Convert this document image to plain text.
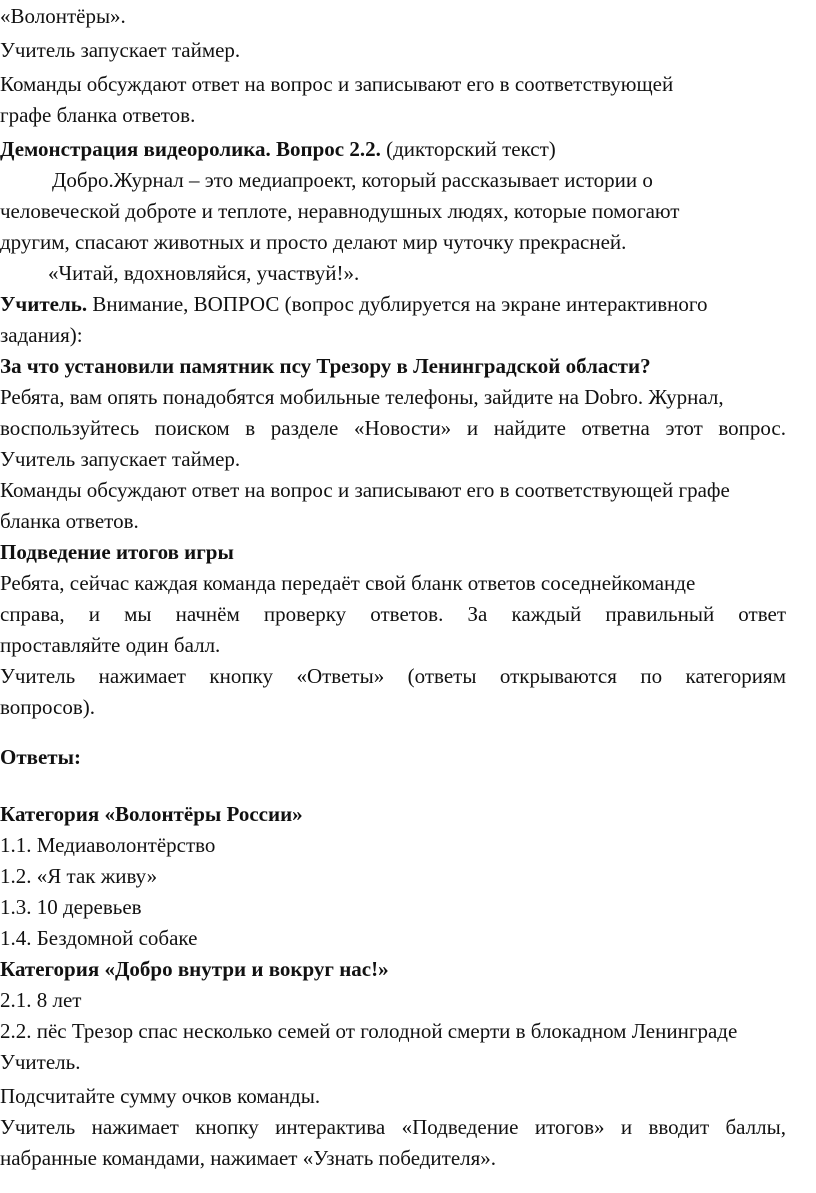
«Волонтёры».
Учитель запускает таймер.
Команды обсуждают ответ на вопрос и записывают его в соответствующей
графе бланка ответов.
Демонстрация видеоролика. Вопрос 2.2. (дикторский текст)
Добро.Журнал – это медиапроект, который рассказывает истории о
человеческой доброте и теплоте, неравнодушных людях, которые помогают
другим, спасают животных и просто делают мир чуточку прекрасней.
«Читай, вдохновляйся, участвуй!».
Учитель. Внимание, ВОПРОС (вопрос дублируется на экране интерактивного
задания):
За что установили памятник псу Трезору в Ленинградской области?
Ребята, вам опять понадобятся мобильные телефоны, зайдите на Dobro. Журнал,
воспользуйтесь поиском в разделе «Новости» и найдите ответна этот вопрос.
Учитель запускает таймер.
Команды обсуждают ответ на вопрос и записывают его в соответствующей графе
бланка ответов.
Подведение итогов игры
Ребята, сейчас каждая команда передаёт свой бланк ответов соседнейкоманде
справа, и мы начнём проверку ответов. За каждый правильный ответ
проставляйте один балл.
Учитель нажимает кнопку «Ответы» (ответы открываются по категориям
вопросов).
Ответы:
Категория «Волонтёры России»
1.1. Медиаволонтёрство
1.2. «Я так живу»
1.3. 10 деревьев
1.4. Бездомной собаке
Категория «Добро внутри и вокруг нас!»
2.1. 8 лет
2.2. пёс Трезор спас несколько семей от голодной смерти в блокадном Ленинграде
Учитель.
Подсчитайте сумму очков команды.
Учитель нажимает кнопку интерактива «Подведение итогов» и вводит баллы,
набранные командами, нажимает «Узнать победителя».
